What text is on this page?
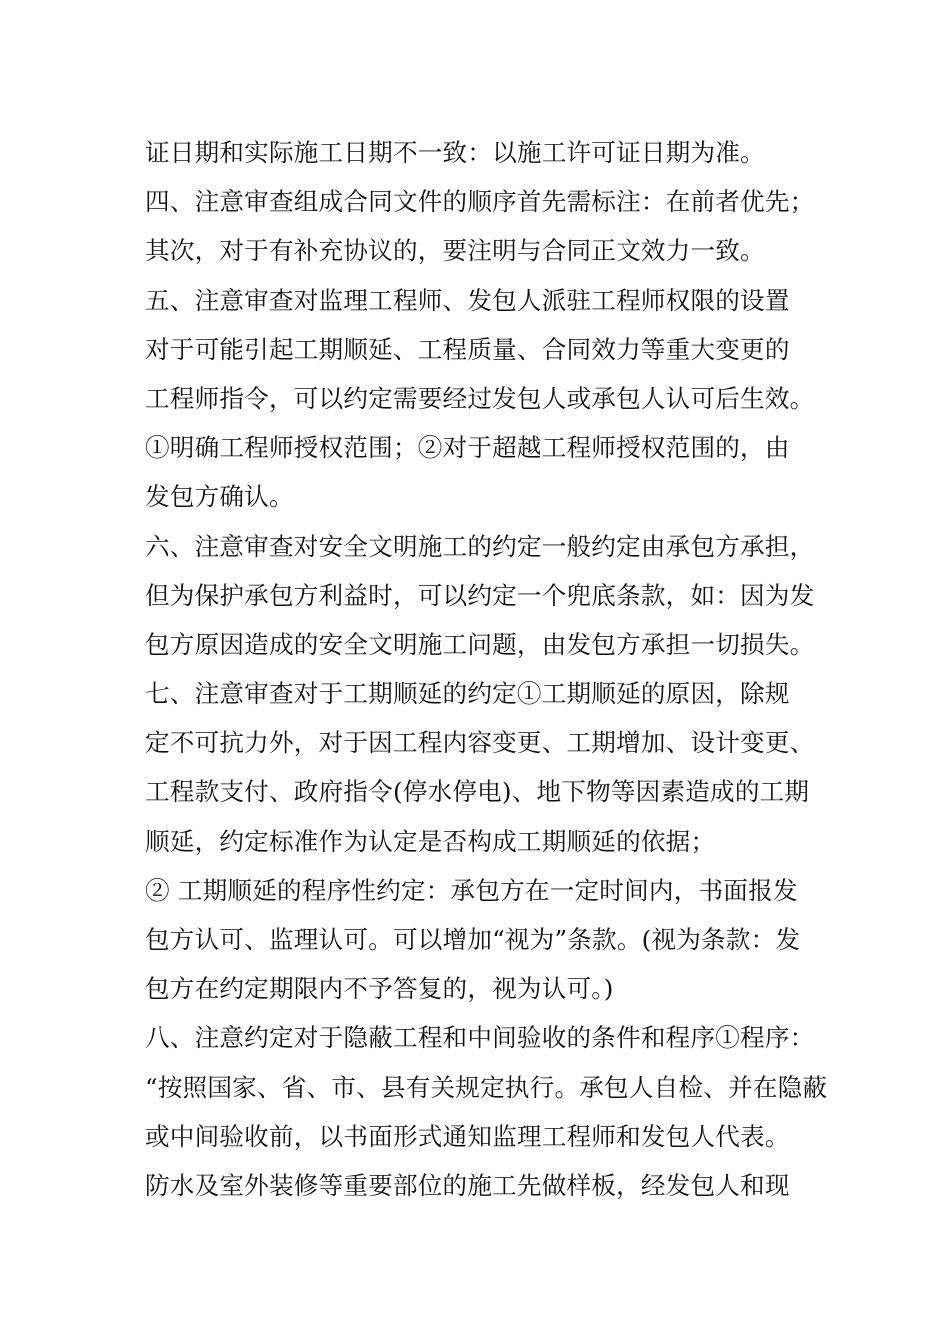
证日期和实际施工日期不一致：以施工许可证日期为准。
四、注意审查组成合同文件的顺序首先需标注：在前者优先；
其次，对于有补充协议的，要注明与合同正文效力一致。
五、注意审查对监理工程师、发包人派驻工程师权限的设置
对于可能引起工期顺延、工程质量、合同效力等重大变更的
工程师指令，可以约定需要经过发包人或承包人认可后生效。
①明确工程师授权范围；②对于超越工程师授权范围的，由
发包方确认。
六、注意审查对安全文明施工的约定一般约定由承包方承担，
但为保护承包方利益时，可以约定一个兜底条款，如：因为发
包方原因造成的安全文明施工问题，由发包方承担一切损失。
七、注意审查对于工期顺延的约定①工期顺延的原因，除规
定不可抗力外，对于因工程内容变更、工期增加、设计变更、
工程款支付、政府指令(停水停电)、地下物等因素造成的工期
顺延，约定标准作为认定是否构成工期顺延的依据；
② 工期顺延的程序性约定：承包方在一定时间内，书面报发
包方认可、监理认可。可以增加“视为”条款。(视为条款：发
包方在约定期限内不予答复的，视为认可。)
八、注意约定对于隐蔽工程和中间验收的条件和程序①程序：
“按照国家、省、市、县有关规定执行。承包人自检、并在隐蔽
或中间验收前，以书面形式通知监理工程师和发包人代表。
防水及室外装修等重要部位的施工先做样板，经发包人和现
